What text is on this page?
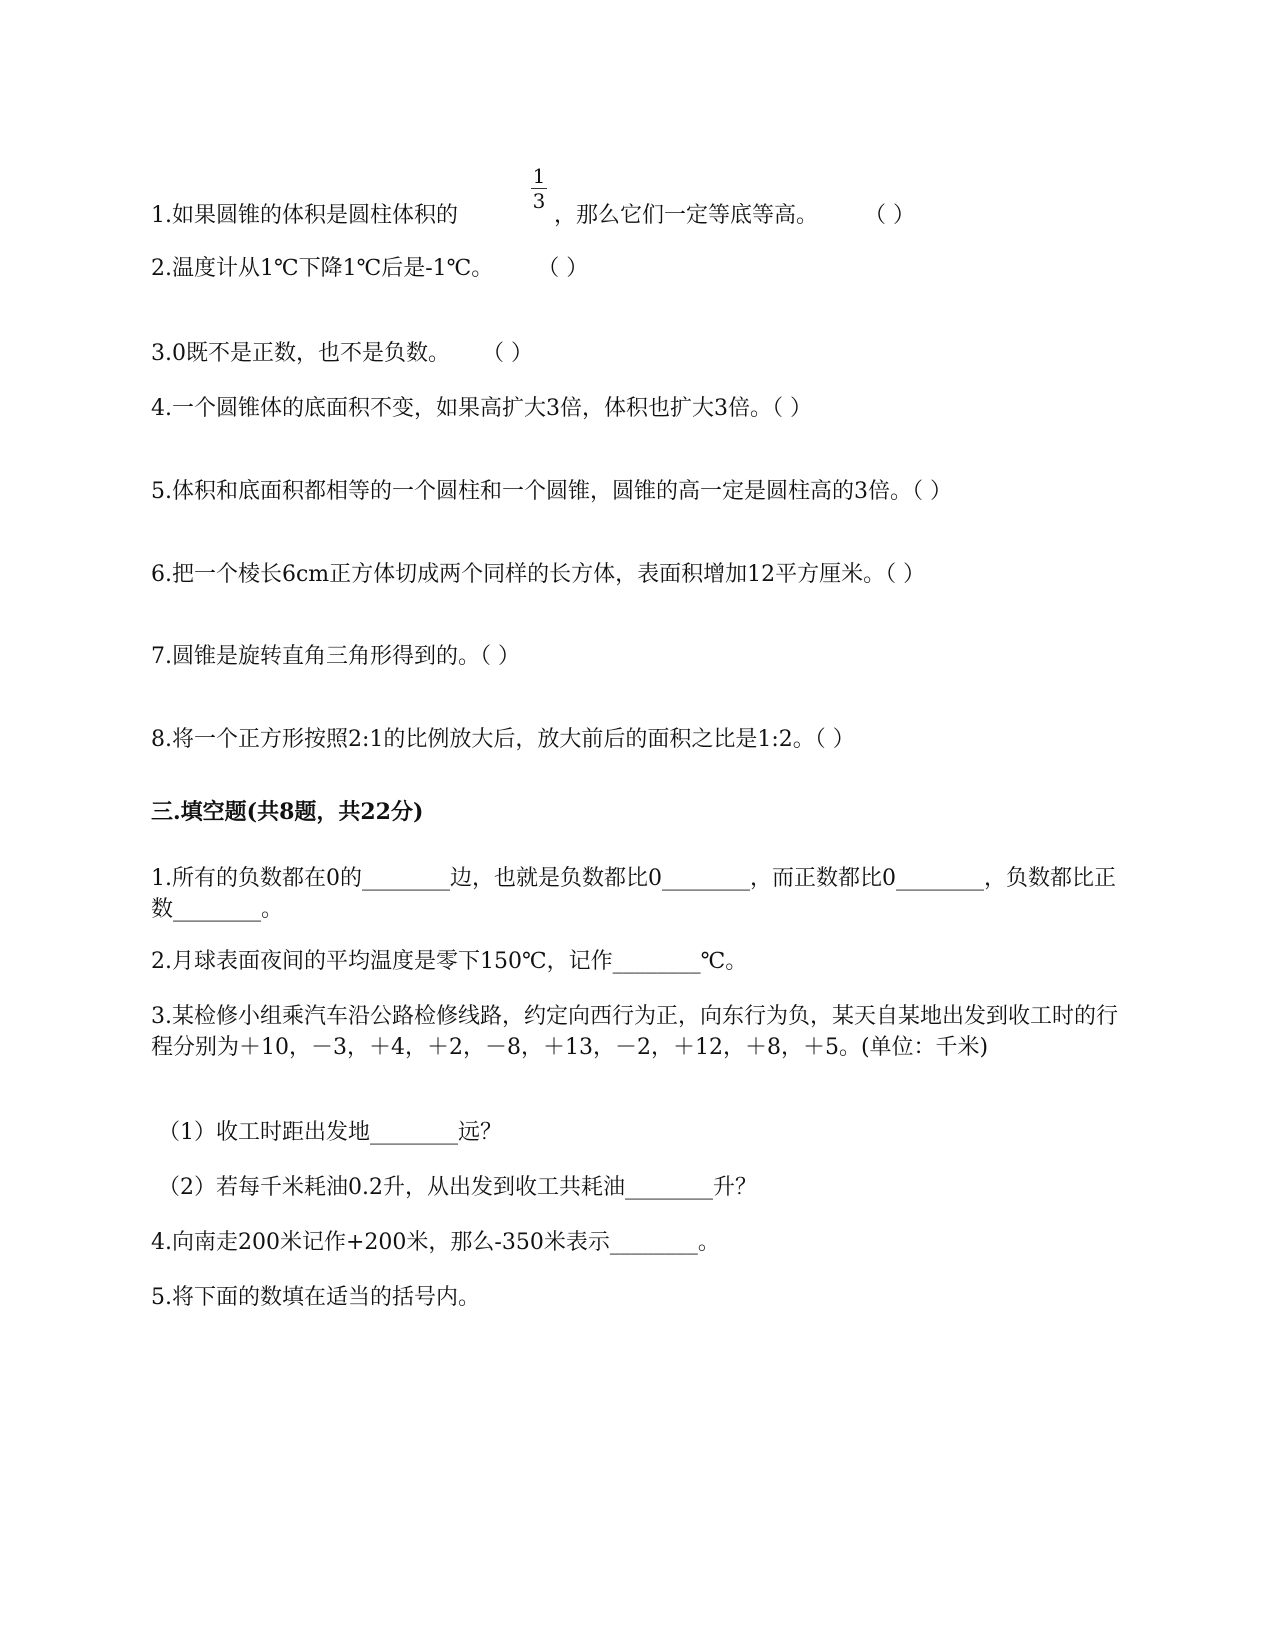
1
3
1.如果圆锥的体积是圆柱体积的	，那么它们一定等底等高。 （ ）
2.温度计从1℃下降1℃后是-1℃。 （ ）
3.0既不是正数，也不是负数。 （ ）
4.一个圆锥体的底面积不变，如果高扩大3倍，体积也扩大3倍。（ ）
5.体积和底面积都相等的一个圆柱和一个圆锥，圆锥的高一定是圆柱高的3倍。（ ）
6.把一个棱长6cm正方体切成两个同样的长方体，表面积增加12平方厘米。（ ）
7.圆锥是旋转直角三角形得到的。（ ）
8.将一个正方形按照2:1的比例放大后，放大前后的面积之比是1:2。（ ）
三.填空题(共8题，共22分)
1.所有的负数都在0的________边，也就是负数都比0________，而正数都比0________，负数都比正数________。
2.月球表面夜间的平均温度是零下150℃，记作________℃。
3.某检修小组乘汽车沿公路检修线路，约定向西行为正，向东行为负，某天自某地出发到收工时的行程分别为＋10，－3，＋4，＋2，－8，＋13，－2，＋12，＋8，＋5。(单位：千米)
（1）收工时距出发地________远？
（2）若每千米耗油0.2升，从出发到收工共耗油________升？
4.向南走200米记作+200米，那么-350米表示________。
5.将下面的数填在适当的括号内。
